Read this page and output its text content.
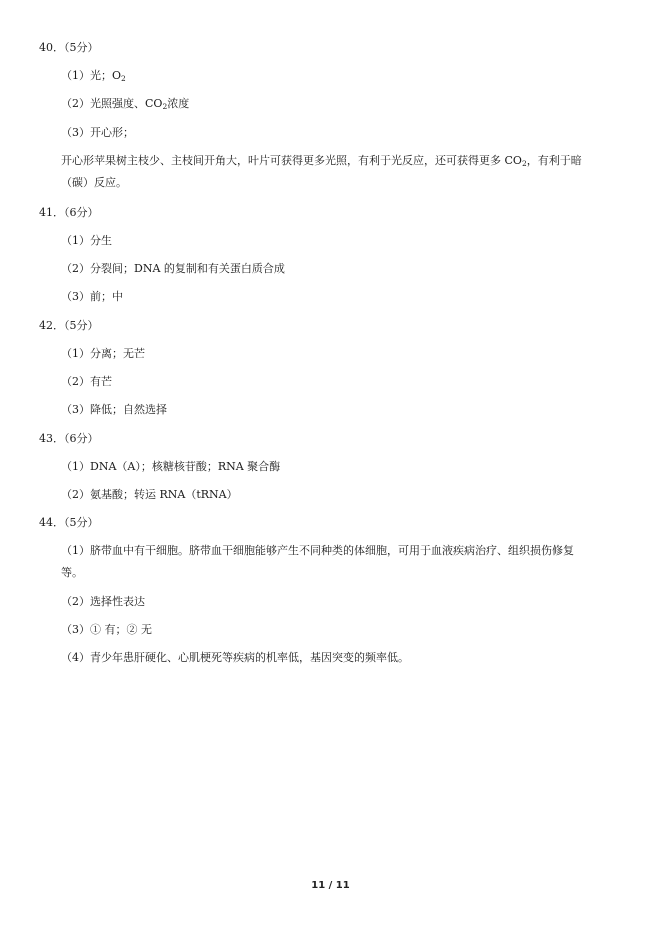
40．（5分）
（1）光；$O_2$
（2）光照强度、$CO_2$浓度
（3）开心形；
开心形苹果树主枝少、主枝间开角大，叶片可获得更多光照，有利于光反应，还可获得更多 $CO_2$，有利于暗
（碳）反应。
41．（6分）
（1）分生
（2）分裂间；DNA 的复制和有关蛋白质合成
（3）前；中
42．（5分）
（1）分离；无芒
（2）有芒
（3）降低；自然选择
43．（6分）
（1）DNA（A）；核糖核苷酸；RNA 聚合酶
（2）氨基酸；转运 RNA（tRNA）
44．（5分）
（1）脐带血中有干细胞。脐带血干细胞能够产生不同种类的体细胞，可用于血液疾病治疗、组织损伤修复
等。
（2）选择性表达
（3）① 有；② 无
（4）青少年患肝硬化、心肌梗死等疾病的机率低，基因突变的频率低。
11 / 11
